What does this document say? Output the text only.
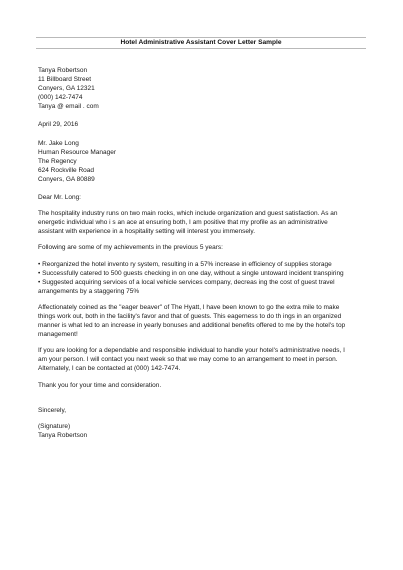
Hotel Administrative Assistant Cover Letter Sample
Tanya Robertson
11 Billboard Street
Conyers, GA 12321
(000) 142-7474
Tanya @ email . com
April 29, 2016
Mr. Jake Long
Human Resource Manager
The Regency
624 Rockville Road
Conyers, GA 80889
Dear Mr. Long:
The hospitality industry runs on two main rocks, which include organization and guest satisfaction. As an
energetic individual who i s an ace at ensuring both, I am positive that my profile as an administrative
assistant with experience in a hospitality setting will interest you immensely.
Following are some of my achievements in the previous 5 years:
• Reorganized the hotel invento ry system, resulting in a 57% increase in efficiency of supplies storage
• Successfully catered to 500 guests checking in on one day, without a single untoward incident transpiring
• Suggested acquiring services of a local vehicle services company, decreas ing the cost of guest travel
arrangements by a staggering 75%
Affectionately coined as the "eager beaver" of The Hyatt, I have been known to go the extra mile to make
things work out, both in the facility's favor and that of guests. This eagerness to do th ings in an organized
manner is what led to an increase in yearly bonuses and additional benefits offered to me by the hotel's top
management!
If you are looking for a dependable and responsible individual to handle your hotel's administrative needs, I
am your person. I will contact you next week so that we may come to an arrangement to meet in person.
Alternately, I can be contacted at (000) 142-7474.
Thank you for your time and consideration.
Sincerely,
(Signature)
Tanya Robertson
